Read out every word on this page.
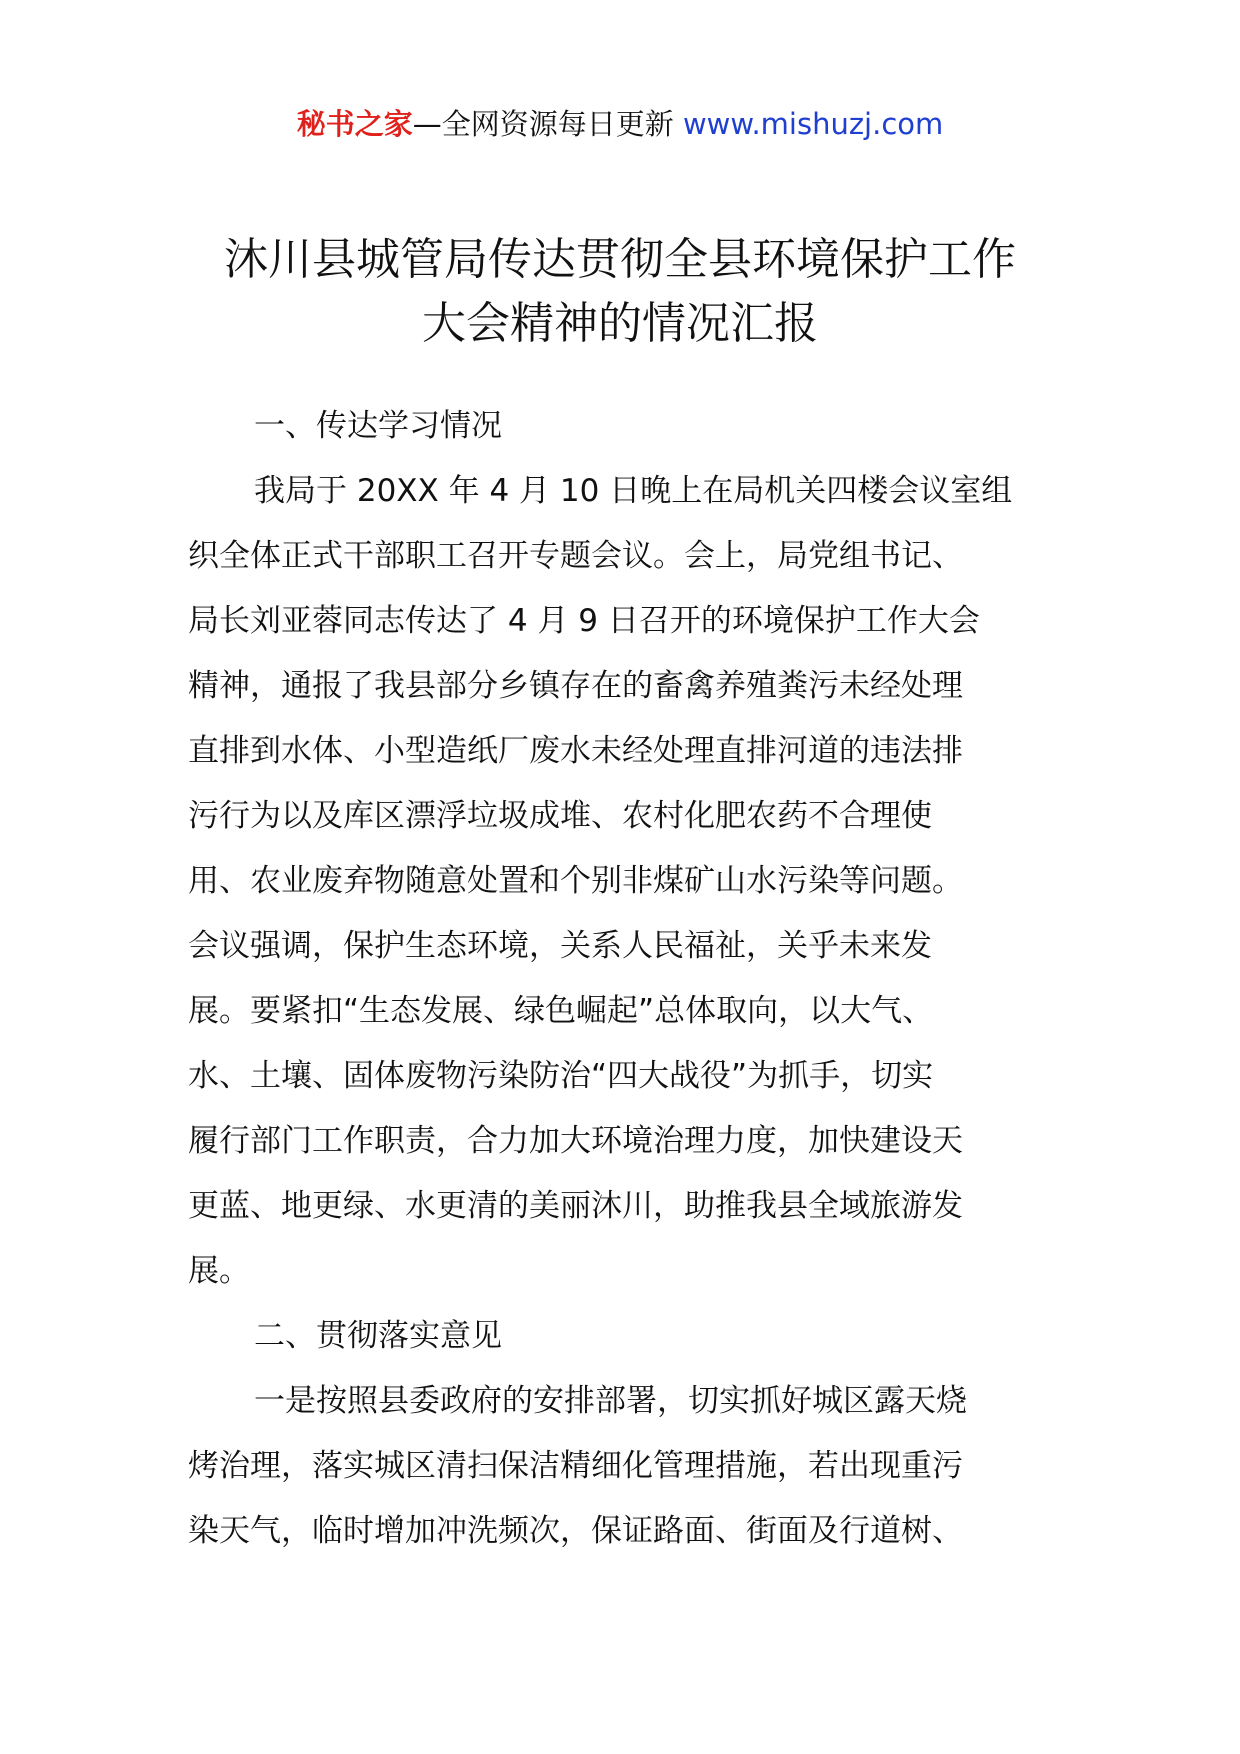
秘书之家—全网资源每日更新 www.mishuzj.com
沐川县城管局传达贯彻全县环境保护工作
大会精神的情况汇报

一、传达学习情况

我局于 20XX 年 4 月 10 日晚上在局机关四楼会议室组

织全体正式干部职工召开专题会议。会上，局党组书记、

局长刘亚蓉同志传达了 4 月 9 日召开的环境保护工作大会

精神，通报了我县部分乡镇存在的畜禽养殖粪污未经处理

直排到水体、小型造纸厂废水未经处理直排河道的违法排

污行为以及库区漂浮垃圾成堆、农村化肥农药不合理使

用、农业废弃物随意处置和个别非煤矿山水污染等问题。

会议强调，保护生态环境，关系人民福祉，关乎未来发

展。要紧扣“生态发展、绿色崛起”总体取向，以大气、

水、土壤、固体废物污染防治“四大战役”为抓手，切实

履行部门工作职责，合力加大环境治理力度，加快建设天

更蓝、地更绿、水更清的美丽沐川，助推我县全域旅游发

展。

二、贯彻落实意见

一是按照县委政府的安排部署，切实抓好城区露天烧

烤治理，落实城区清扫保洁精细化管理措施，若出现重污

染天气，临时增加冲洗频次，保证路面、街面及行道树、
